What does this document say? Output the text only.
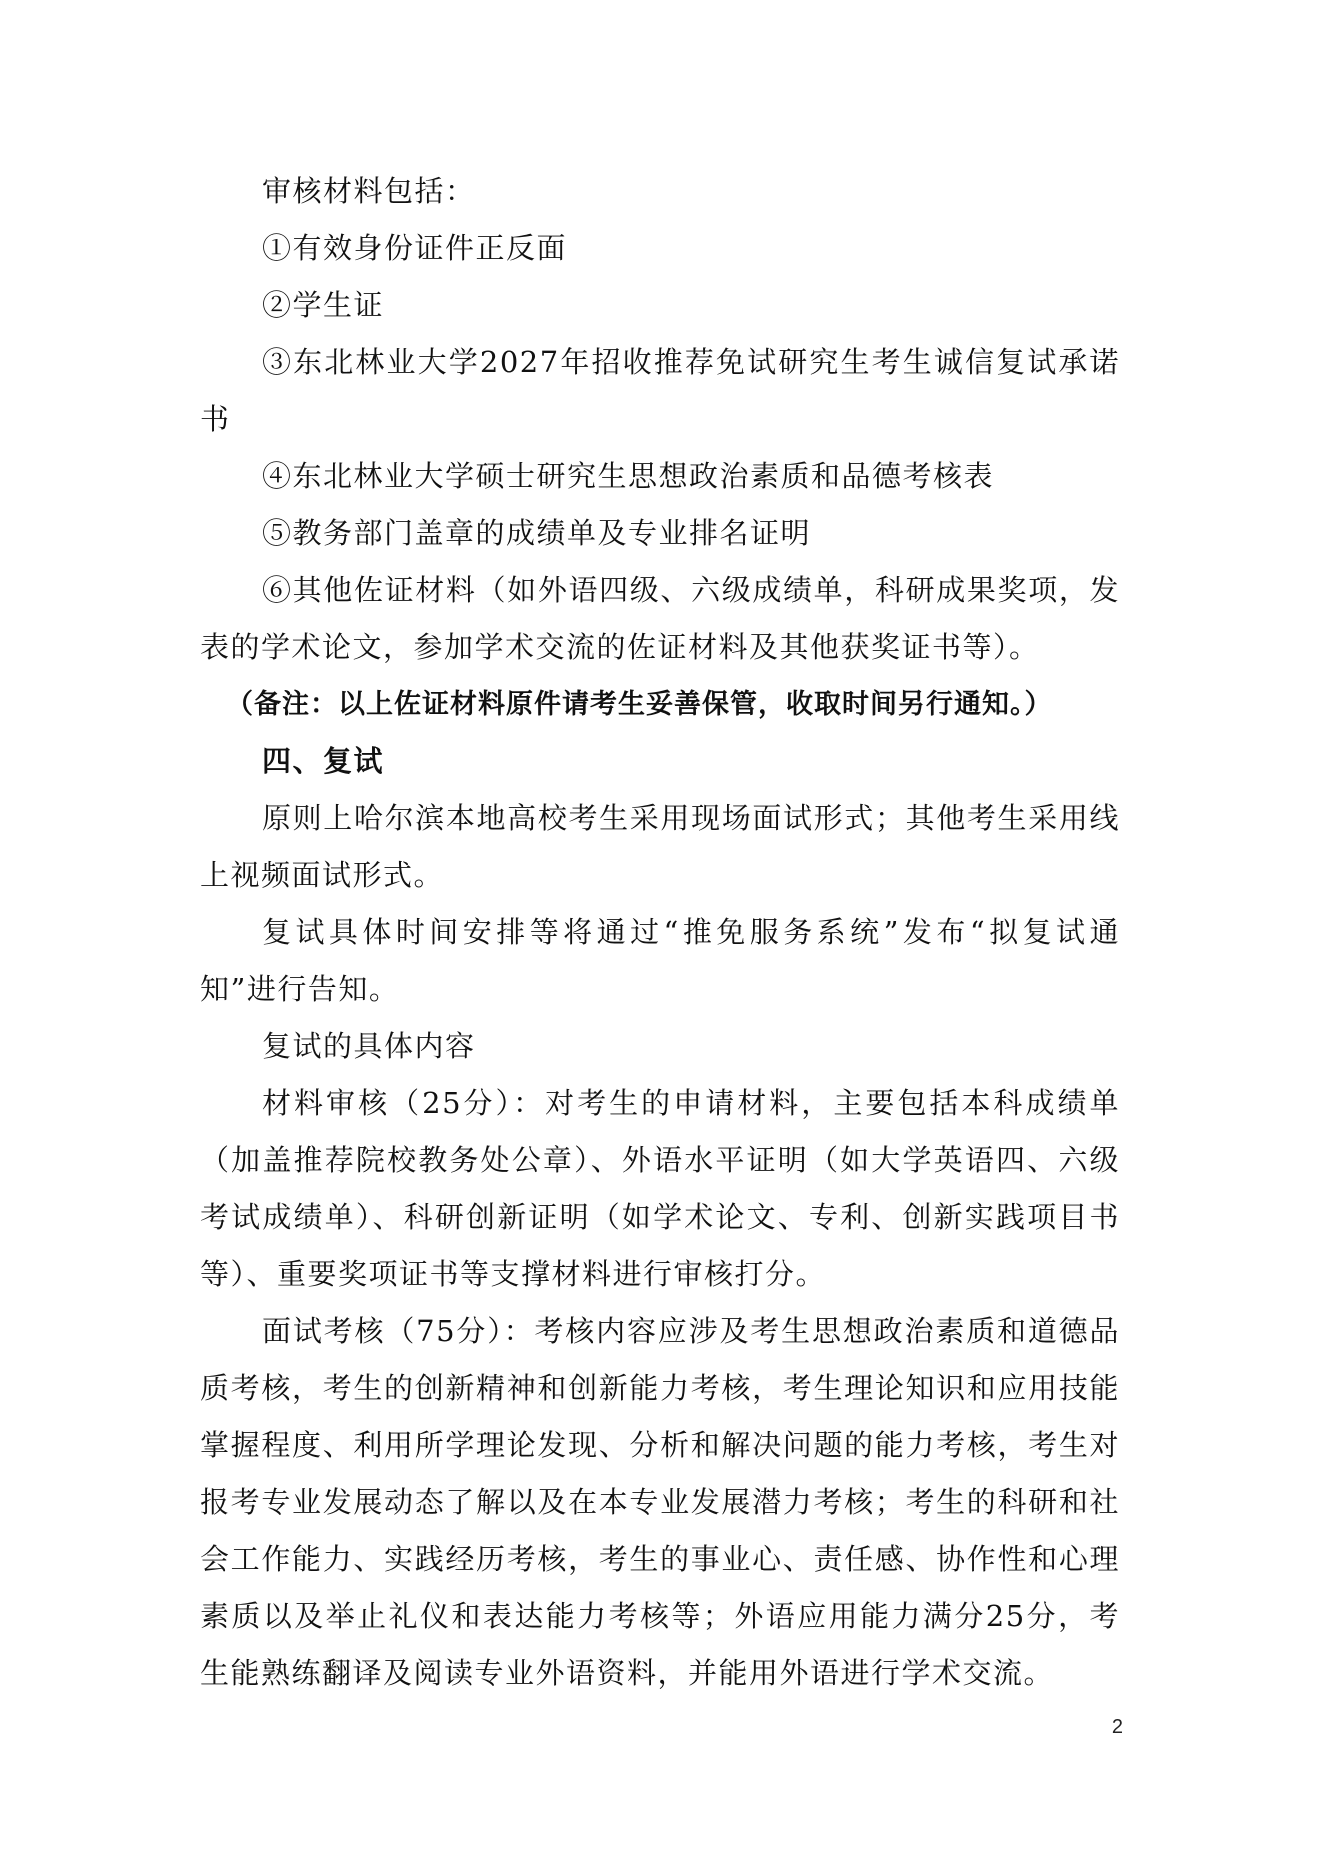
审核材料包括：

①有效身份证件正反面

②学生证

③东北林业大学2027年招收推荐免试研究生考生诚信复试承诺书

④东北林业大学硕士研究生思想政治素质和品德考核表

⑤教务部门盖章的成绩单及专业排名证明

⑥其他佐证材料（如外语四级、六级成绩单，科研成果奖项，发表的学术论文，参加学术交流的佐证材料及其他获奖证书等）。

（备注：以上佐证材料原件请考生妥善保管，收取时间另行通知。）

四、复试

原则上哈尔滨本地高校考生采用现场面试形式；其他考生采用线上视频面试形式。

复试具体时间安排等将通过“推免服务系统”发布“拟复试通知”进行告知。

复试的具体内容

材料审核（25分）：对考生的申请材料，主要包括本科成绩单（加盖推荐院校教务处公章）、外语水平证明（如大学英语四、六级考试成绩单）、科研创新证明（如学术论文、专利、创新实践项目书等）、重要奖项证书等支撑材料进行审核打分。

面试考核（75分）：考核内容应涉及考生思想政治素质和道德品质考核，考生的创新精神和创新能力考核，考生理论知识和应用技能掌握程度、利用所学理论发现、分析和解决问题的能力考核，考生对报考专业发展动态了解以及在本专业发展潜力考核；考生的科研和社会工作能力、实践经历考核，考生的事业心、责任感、协作性和心理素质以及举止礼仪和表达能力考核等；外语应用能力满分25分，考生能熟练翻译及阅读专业外语资料，并能用外语进行学术交流。

2
